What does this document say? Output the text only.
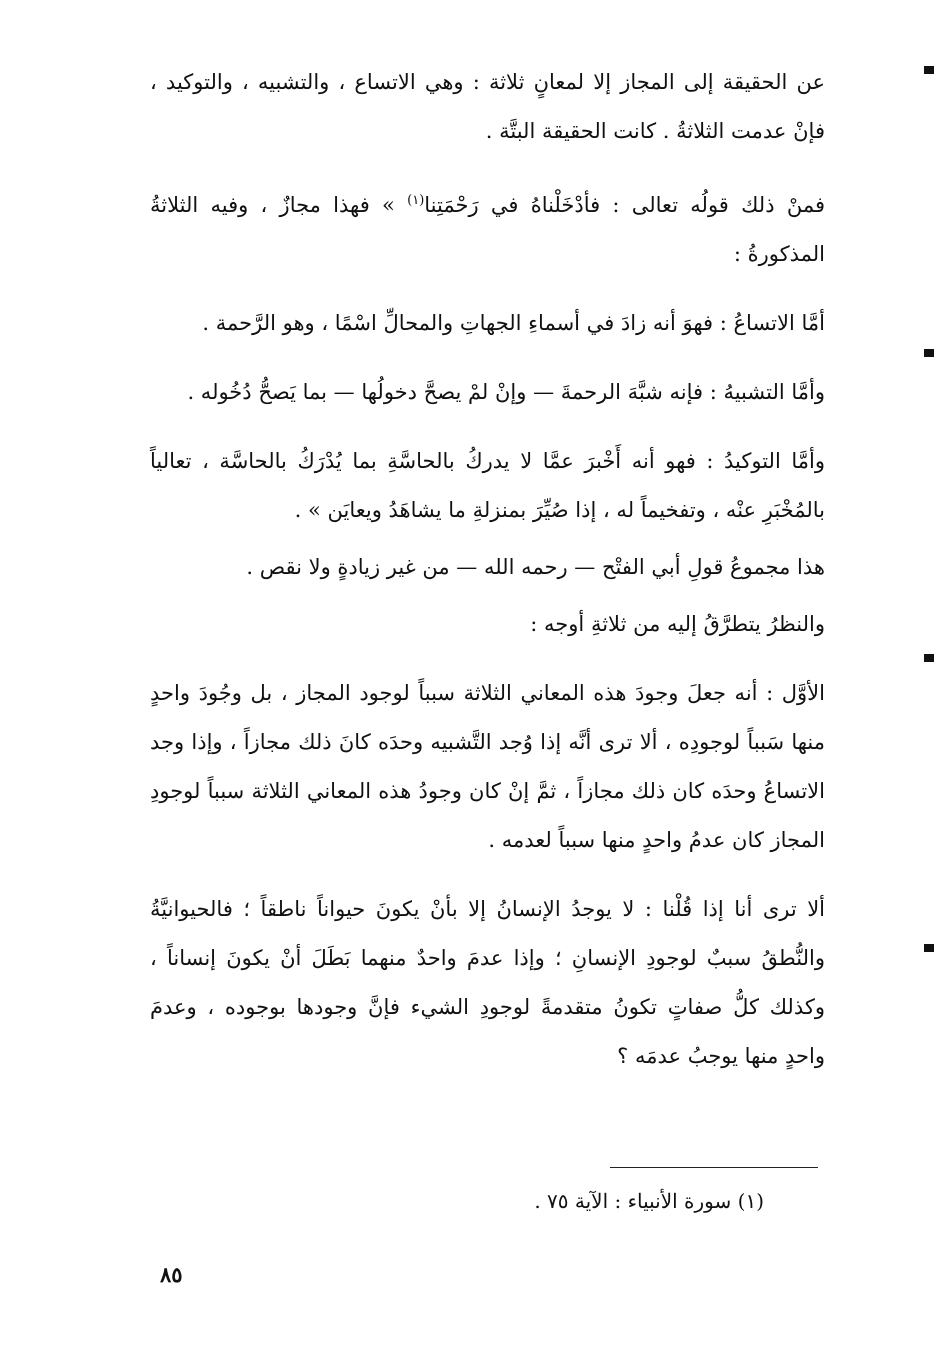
عن الحقيقة إلى المجاز إلا لمعانٍ ثلاثة : وهي الاتساع ، والتشبيه ، والتوكيد ، فإنْ عدمت الثلاثةُ . كانت الحقيقة البتَّة .

فمنْ ذلك قولُه تعالى : فأدْخَلْناهُ في رَحْمَتِنا$^{(١)}$ » فهذا مجازٌ ، وفيه الثلاثةُ المذكورةُ :

أمَّا الاتساعُ : فهوَ أنه زادَ في أسماءِ الجهاتِ والمحالِّ اسْمًا ، وهو الرَّحمة .

وأمَّا التشبيهُ : فإنه شبَّهَ الرحمةَ — وإنْ لمْ يصحَّ دخولُها — بما يَصحُّ دُخُوله .

وأمَّا التوكيدُ : فهو أنه أَخْبرَ عمَّا لا يدركُ بالحاسَّةِ بما يُدْرَكُ بالحاسَّة ، تعالياً بالمُخْبَرِ عنْه ، وتفخيماً له ، إذا صُيِّرَ بمنزلةِ ما يشاهَدُ ويعايَن » .

هذا مجموعُ قولِ أبي الفتْح — رحمه الله — من غير زيادةٍ ولا نقص .

والنظرُ يتطرَّقُ إليه من ثلاثةِ أوجه :

الأوَّل : أنه جعلَ وجودَ هذه المعاني الثلاثة سبباً لوجود المجاز ، بل وجُودَ واحدٍ منها سَبباً لوجودِه ، ألا ترى أنَّه إذا وُجد التَّشبيه وحدَه كانَ ذلك مجازاً ، وإذا وجد الاتساعُ وحدَه كان ذلك مجازاً ، ثمَّ إنْ كان وجودُ هذه المعاني الثلاثة سبباً لوجودِ المجاز كان عدمُ واحدٍ منها سبباً لعدمه .

ألا ترى أنا إذا قُلْنا : لا يوجدُ الإنسانُ إلا بأنْ يكونَ حيواناً ناطقاً ؛ فالحيوانيَّةُ والنُّطقُ سببٌ لوجودِ الإنسانِ ؛ وإذا عدمَ واحدٌ منهما بَطَلَ أنْ يكونَ إنساناً ، وكذلك كلُّ صفاتٍ تكونُ متقدمةً لوجودِ الشيء فإنَّ وجودها بوجوده ، وعدمَ واحدٍ منها يوجبُ عدمَه ؟

(١) سورة الأنبياء : الآية ٧٥ .
٨٥
